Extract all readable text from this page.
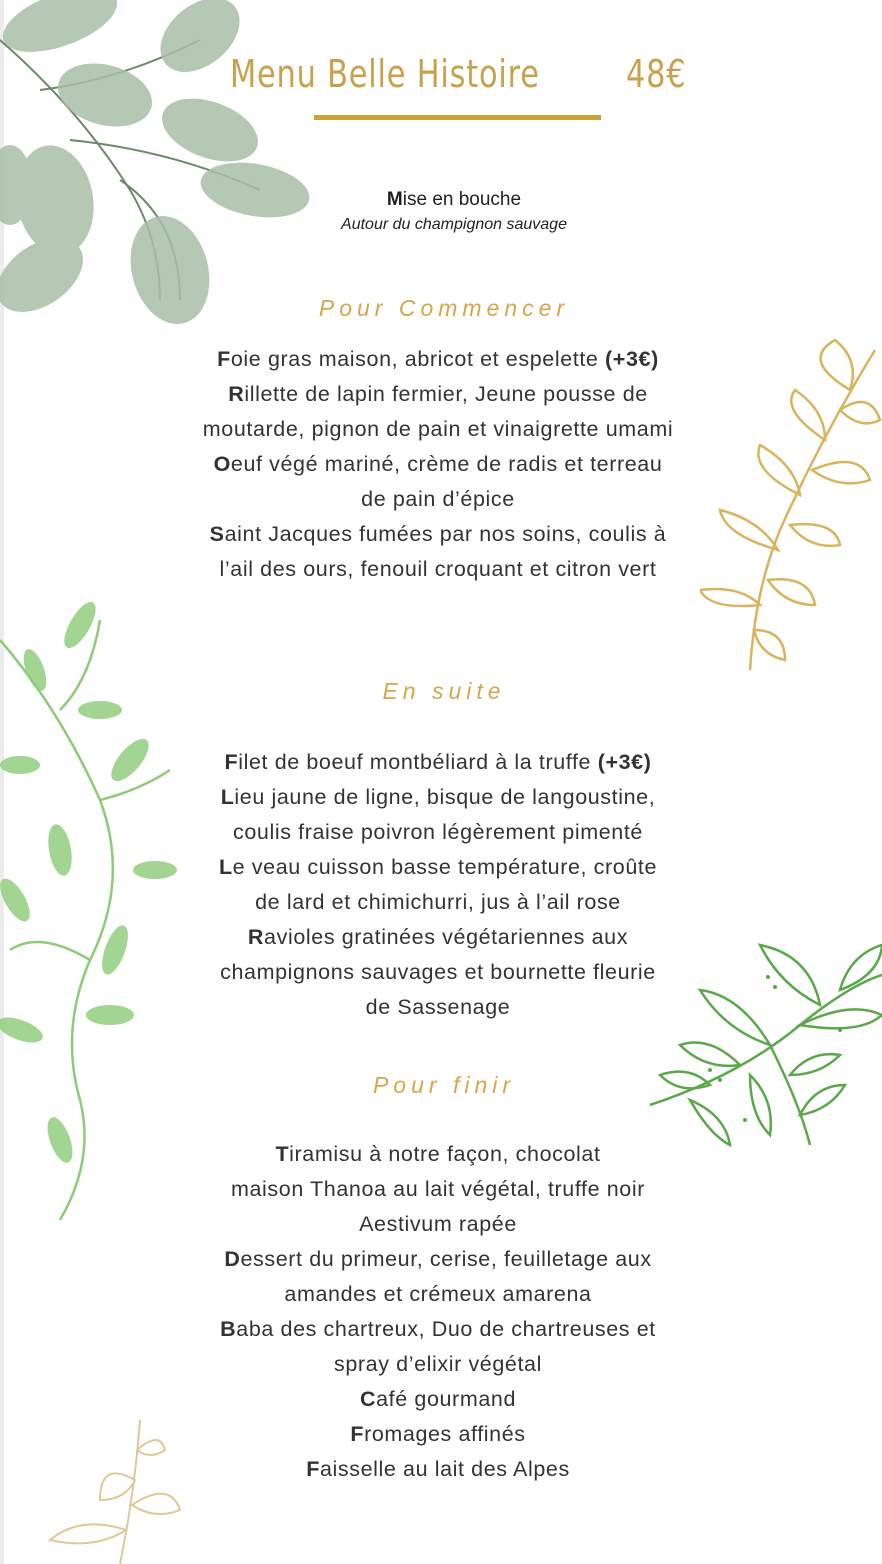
Menu Belle Histoire 48€
Mise en bouche
Autour du champignon sauvage
Pour Commencer
Foie gras maison, abricot et espelette (+3€)
Rillette de lapin fermier, Jeune pousse de
moutarde, pignon de pain et vinaigrette umami
Oeuf végé mariné, crème de radis et terreau
de pain d’épice
Saint Jacques fumées par nos soins, coulis à
l’ail des ours, fenouil croquant et citron vert
En suite
Filet de boeuf montbéliard à la truffe (+3€)
Lieu jaune de ligne, bisque de langoustine,
coulis fraise poivron légèrement pimenté
Le veau cuisson basse température, croûte
de lard et chimichurri, jus à l’ail rose
Ravioles gratinées végétariennes aux
champignons sauvages et bournette fleurie
de Sassenage
Pour finir
Tiramisu à notre façon, chocolat
maison Thanoa au lait végétal, truffe noir
Aestivum rapée
Dessert du primeur, cerise, feuilletage aux
amandes et crémeux amarena
Baba des chartreux, Duo de chartreuses et
spray d’elixir végétal
Café gourmand
Fromages affinés
Faisselle au lait des Alpes
